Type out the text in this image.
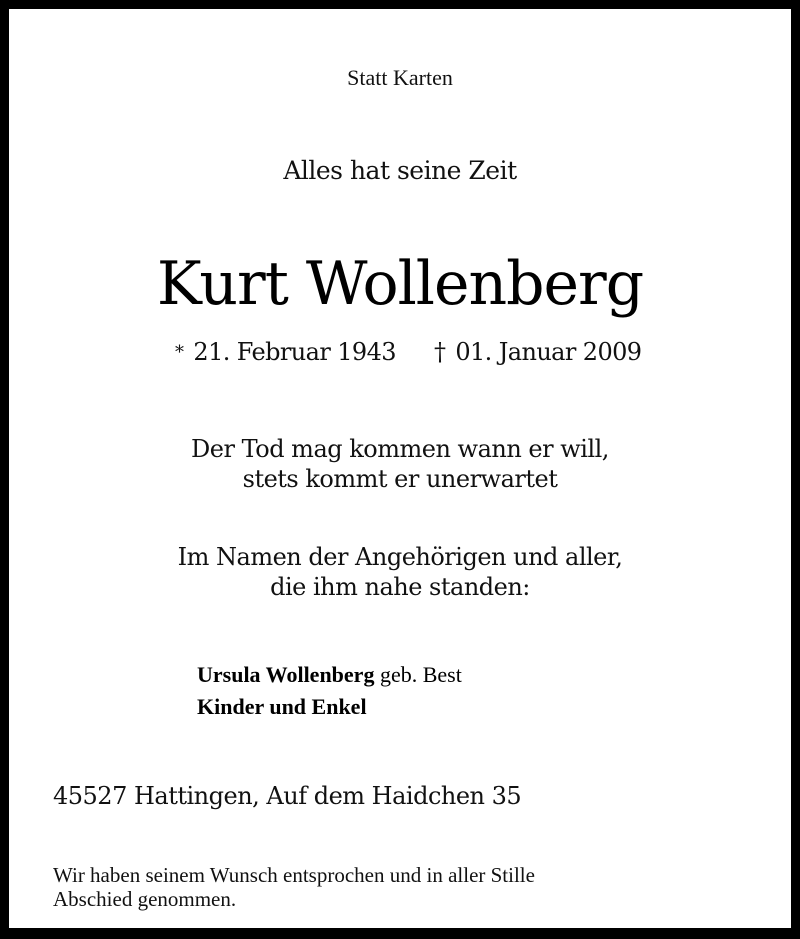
Statt Karten
Alles hat seine Zeit
Kurt Wollenberg
* 21. Februar 1943 † 01. Januar 2009
Der Tod mag kommen wann er will,
stets kommt er unerwartet
Im Namen der Angehörigen und aller,
die ihm nahe standen:
Ursula Wollenberg geb. Best
Kinder und Enkel
45527 Hattingen, Auf dem Haidchen 35
Wir haben seinem Wunsch entsprochen und in aller Stille
Abschied genommen.
